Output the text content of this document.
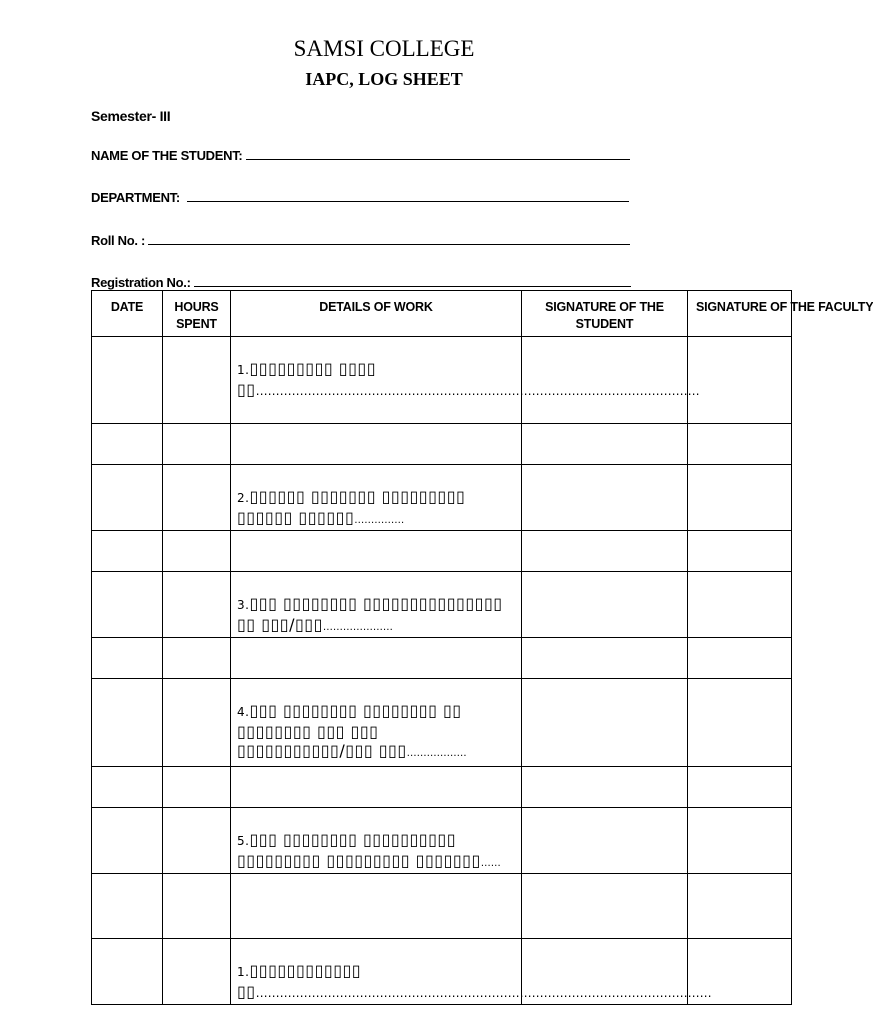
SAMSI COLLEGE
IAPC, LOG SHEET
Semester- III
NAME OF THE STUDENT:
DEPARTMENT:
Roll No. :
Registration No.:
DATE	HOURS SPENT	DETAILS OF WORK	SIGNATURE OF THE STUDENT	SIGNATURE OF THE FACULTY

		1.▯▯▯▯▯▯▯▯▯ ▯▯▯▯
▯▯…………………………………………………………………………………………………		

		2.▯▯▯▯▯▯ ▯▯▯▯▯▯▯ ▯▯▯▯▯▯▯▯▯
▯▯▯▯▯▯ ▯▯▯▯▯▯……………		

		3.▯▯▯ ▯▯▯▯▯▯▯▯ ▯▯▯▯▯▯▯▯▯▯▯▯▯▯▯
▯▯ ▯▯▯/▯▯▯…………………		

		4.▯▯▯ ▯▯▯▯▯▯▯▯ ▯▯▯▯▯▯▯▯ ▯▯
▯▯▯▯▯▯▯▯ ▯▯▯ ▯▯▯
▯▯▯▯▯▯▯▯▯▯▯/▯▯▯ ▯▯▯………………		

		5.▯▯▯ ▯▯▯▯▯▯▯▯ ▯▯▯▯▯▯▯▯▯▯
▯▯▯▯▯▯▯▯▯ ▯▯▯▯▯▯▯▯▯ ▯▯▯▯▯▯▯……		

		1.▯▯▯▯▯▯▯▯▯▯▯▯
▯▯……………………………………………………………………………………………………		
